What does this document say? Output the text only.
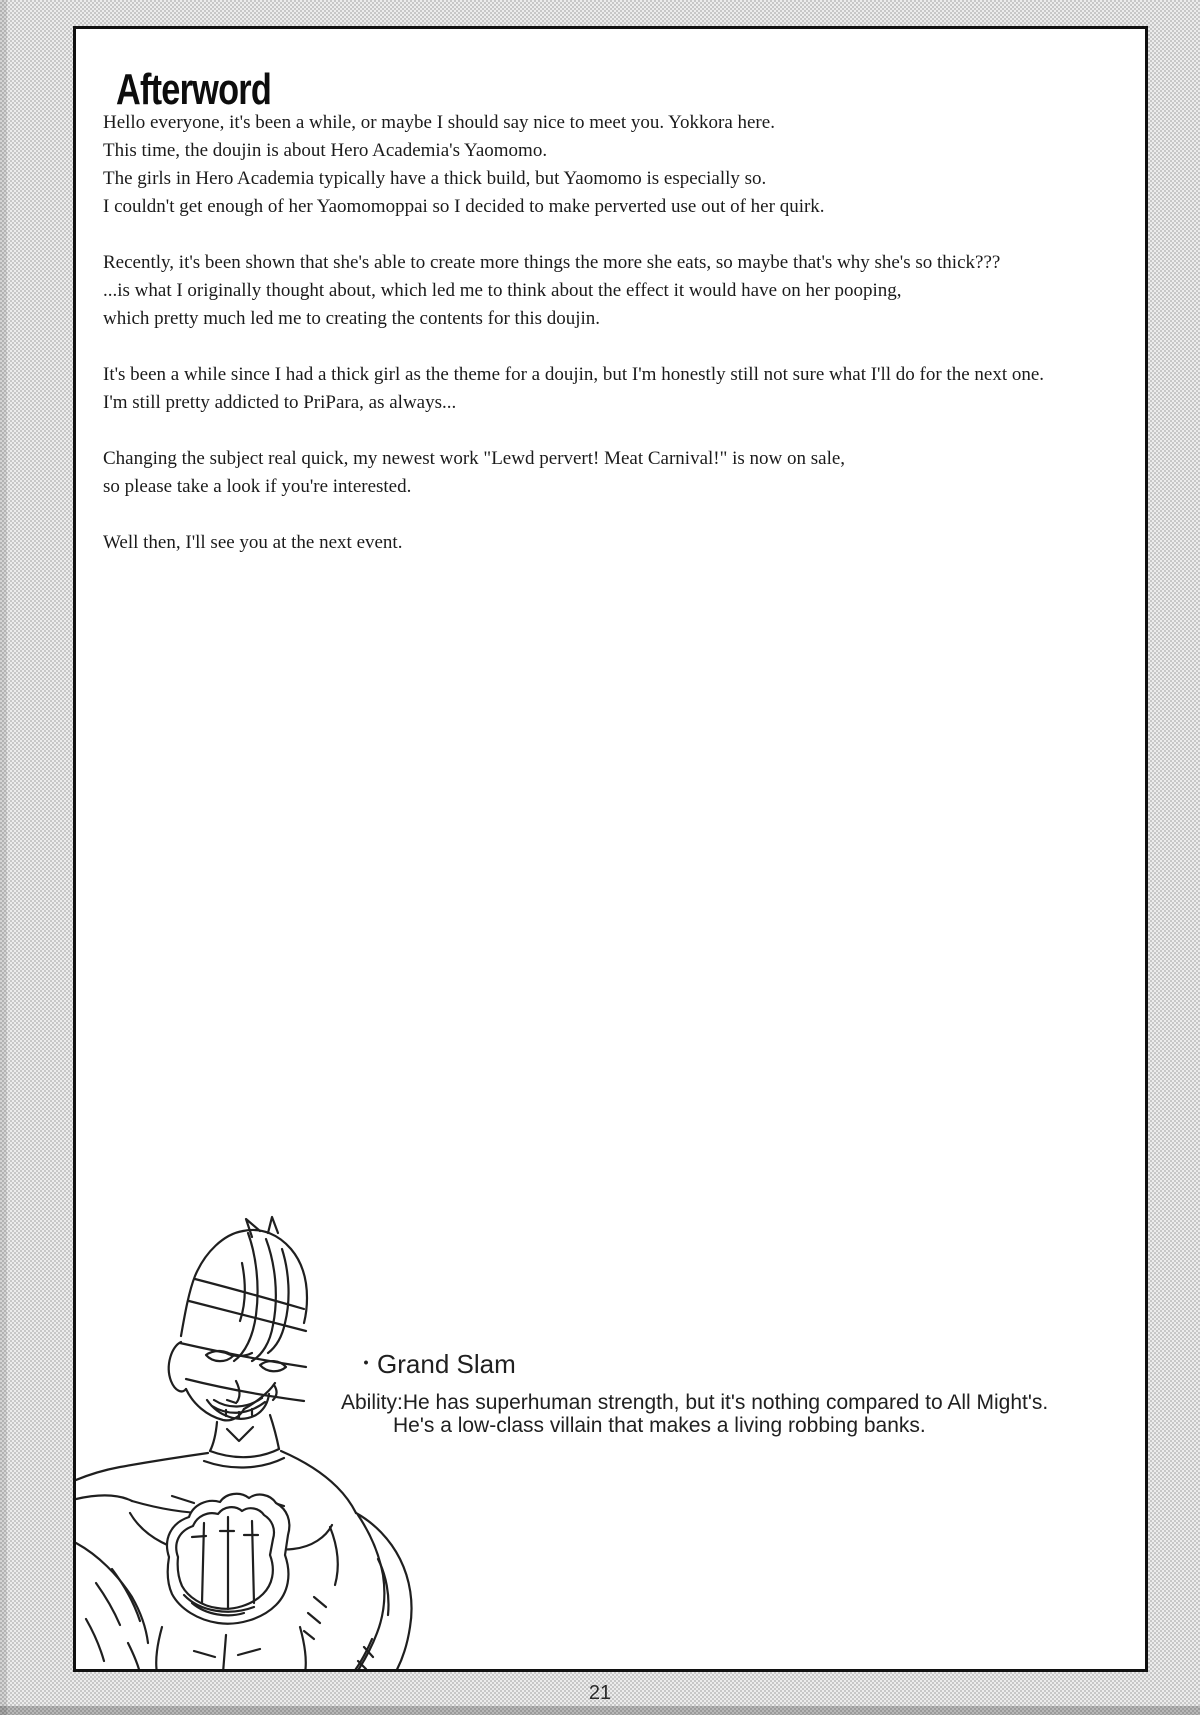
Afterword
Hello everyone, it's been a while, or maybe I should say nice to meet you. Yokkora here.
This time, the doujin is about Hero Academia's Yaomomo.
The girls in Hero Academia typically have a thick build, but Yaomomo is especially so.
I couldn't get enough of her Yaomomoppai so I decided to make perverted use out of her quirk.
Recently, it's been shown that she's able to create more things the more she eats, so maybe that's why she's so thick???
...is what I originally thought about, which led me to think about the effect it would have on her pooping,
which pretty much led me to creating the contents for this doujin.
It's been a while since I had a thick girl as the theme for a doujin, but I'm honestly still not sure what I'll do for the next one.
I'm still pretty addicted to PriPara, as always...
Changing the subject real quick, my newest work "Lewd pervert! Meat Carnival!" is now on sale,
so please take a look if you're interested.
Well then, I'll see you at the next event.
・Grand Slam
Ability:He has superhuman strength, but it's nothing compared to All Might's.
He's a low-class villain that makes a living robbing banks.
21
